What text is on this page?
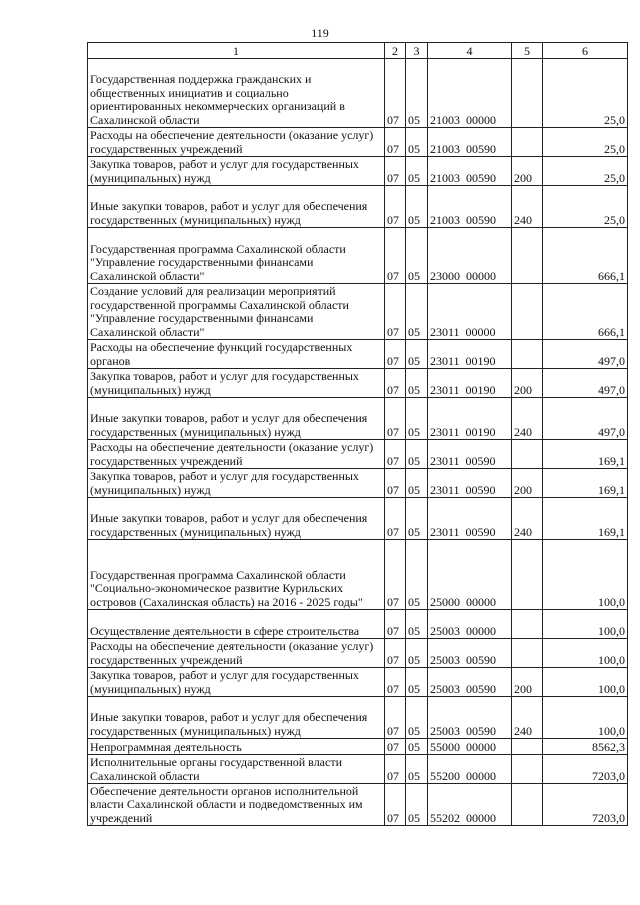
119
1	2	3	4	5	6
Государственная поддержка гражданских и общественных инициатив и социально ориентированных некоммерческих организаций в Сахалинской области	07	05	21003  00000		25,0
Расходы на обеспечение деятельности (оказание услуг) государственных учреждений	07	05	21003  00590		25,0
Закупка товаров, работ и услуг для государственных (муниципальных) нужд	07	05	21003  00590	200	25,0
Иные закупки товаров, работ и услуг для обеспечения государственных (муниципальных) нужд	07	05	21003  00590	240	25,0
Государственная программа Сахалинской области "Управление государственными финансами Сахалинской области"	07	05	23000  00000		666,1
Создание условий для реализации мероприятий государственной программы Сахалинской области "Управление государственными финансами Сахалинской области"	07	05	23011  00000		666,1
Расходы на обеспечение функций государственных органов	07	05	23011  00190		497,0
Закупка товаров, работ и услуг для государственных (муниципальных) нужд	07	05	23011  00190	200	497,0
Иные закупки товаров, работ и услуг для обеспечения государственных (муниципальных) нужд	07	05	23011  00190	240	497,0
Расходы на обеспечение деятельности (оказание услуг) государственных учреждений	07	05	23011  00590		169,1
Закупка товаров, работ и услуг для государственных (муниципальных) нужд	07	05	23011  00590	200	169,1
Иные закупки товаров, работ и услуг для обеспечения государственных (муниципальных) нужд	07	05	23011  00590	240	169,1
Государственная программа Сахалинской области "Социально-экономическое развитие Курильских островов (Сахалинская область) на 2016 - 2025 годы"	07	05	25000  00000		100,0
Осуществление деятельности в сфере строительства	07	05	25003  00000		100,0
Расходы на обеспечение деятельности (оказание услуг) государственных учреждений	07	05	25003  00590		100,0
Закупка товаров, работ и услуг для государственных (муниципальных) нужд	07	05	25003  00590	200	100,0
Иные закупки товаров, работ и услуг для обеспечения государственных (муниципальных) нужд	07	05	25003  00590	240	100,0
Непрограммная деятельность	07	05	55000  00000		8562,3
Исполнительные органы государственной власти Сахалинской области	07	05	55200  00000		7203,0
Обеспечение деятельности органов исполнительной власти Сахалинской области и подведомственных им учреждений	07	05	55202  00000		7203,0
